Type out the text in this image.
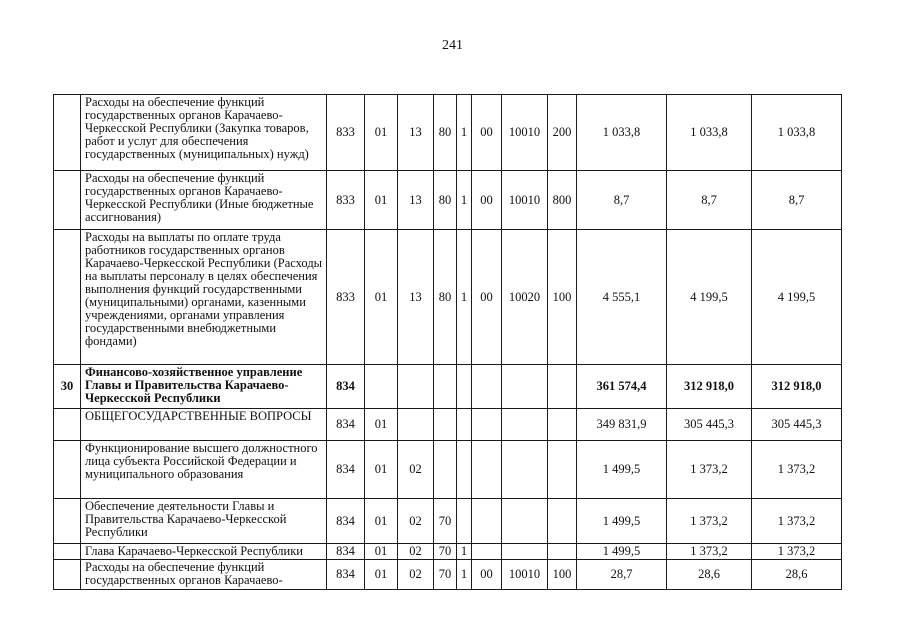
241
	Расходы на обеспечение функций государственных органов Карачаево-Черкесской Республики (Закупка товаров, работ и услуг для обеспечения государственных (муниципальных) нужд)	833	01	13	80	1	00	10010	200	1 033,8	1 033,8	1 033,8
	Расходы на обеспечение функций государственных органов Карачаево-Черкесской Республики (Иные бюджетные ассигнования)	833	01	13	80	1	00	10010	800	8,7	8,7	8,7
	Расходы на выплаты по оплате труда работников государственных органов Карачаево-Черкесской Республики (Расходы на выплаты персоналу в целях обеспечения выполнения функций государственными (муниципальными) органами, казенными учреждениями, органами управления государственными внебюджетными фондами)	833	01	13	80	1	00	10020	100	4 555,1	4 199,5	4 199,5
30	Финансово-хозяйственное управление Главы и Правительства Карачаево-Черкесской Республики	834								361 574,4	312 918,0	312 918,0
	ОБЩЕГОСУДАРСТВЕННЫЕ ВОПРОСЫ	834	01							349 831,9	305 445,3	305 445,3
	Функционирование высшего должностного лица субъекта Российской Федерации и муниципального образования	834	01	02						1 499,5	1 373,2	1 373,2
	Обеспечение деятельности Главы и Правительства Карачаево-Черкесской Республики	834	01	02	70					1 499,5	1 373,2	1 373,2
	Глава Карачаево-Черкесской Республики	834	01	02	70	1				1 499,5	1 373,2	1 373,2
	Расходы на обеспечение функций государственных органов Карачаево-	834	01	02	70	1	00	10010	100	28,7	28,6	28,6
